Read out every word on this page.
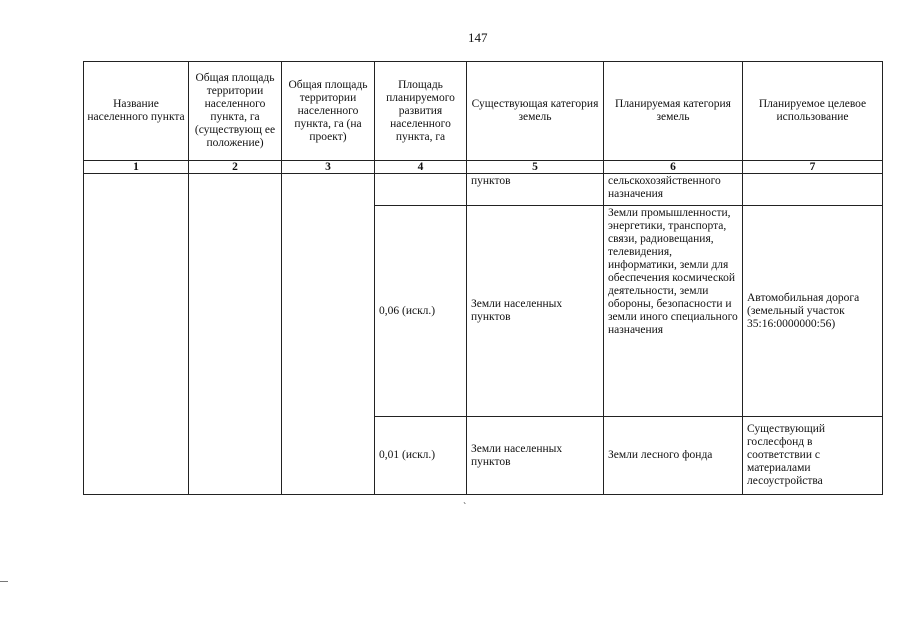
147
Название населенного пункта	Общая площадь территории населенного пункта, га (существующ ее положение)	Общая площадь территории населенного пункта, га (на проект)	Площадь планируемого развития населенного пункта, га	Существующая категория земель	Планируемая категория земель	Планируемое целевое использование
1	2	3	4	5	6	7
				пунктов	сельскохозяйственного назначения	
			0,06 (искл.)	Земли населенных пунктов	Земли промышленности, энергетики, транспорта, связи, радиовещания, телевидения, информатики, земли для обеспечения космической деятельности, земли обороны, безопасности и земли иного специального назначения	Автомобильная дорога (земельный участок 35:16:0000000:56)
			0,01 (искл.)	Земли населенных пунктов	Земли лесного фонда	Существующий гослесфонд в соответствии с материалами лесоустройства
`
